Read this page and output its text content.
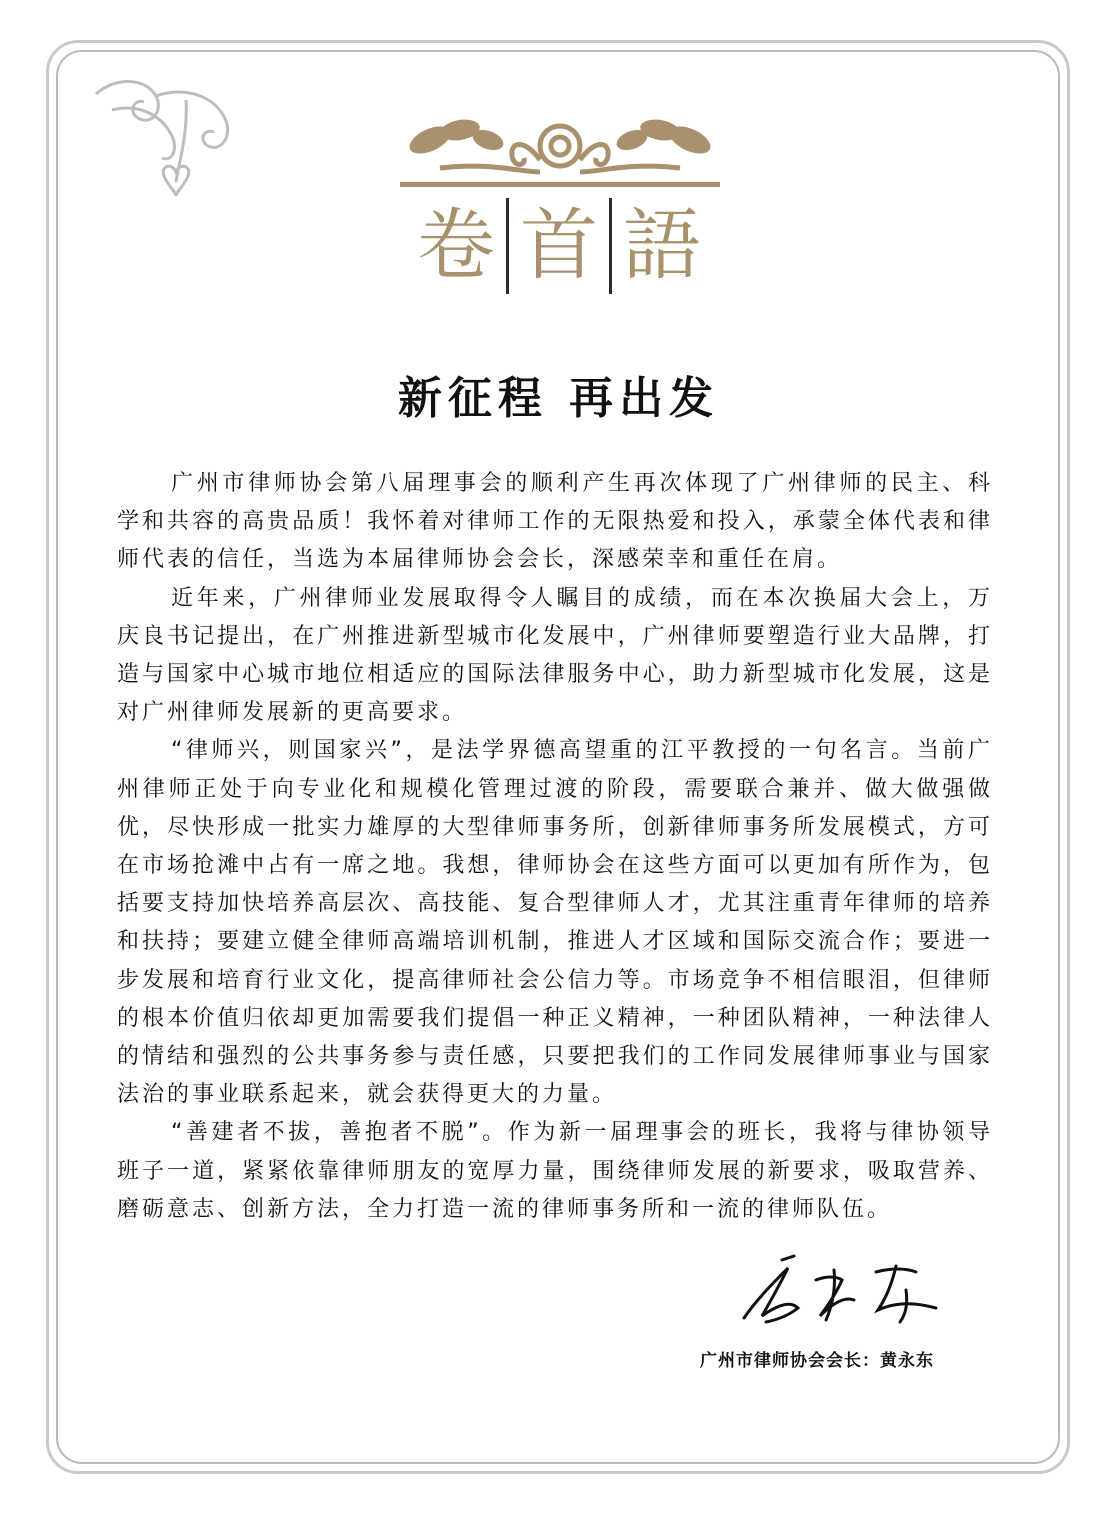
卷 首 語
新征程 再出发

广州市律师协会第八届理事会的顺利产生再次体现了广州律师的民主、科学和共容的高贵品质！我怀着对律师工作的无限热爱和投入，承蒙全体代表和律师代表的信任，当选为本届律师协会会长，深感荣幸和重任在肩。

近年来，广州律师业发展取得令人瞩目的成绩，而在本次换届大会上，万庆良书记提出，在广州推进新型城市化发展中，广州律师要塑造行业大品牌，打造与国家中心城市地位相适应的国际法律服务中心，助力新型城市化发展，这是对广州律师发展新的更高要求。

“律师兴，则国家兴”，是法学界德高望重的江平教授的一句名言。当前广州律师正处于向专业化和规模化管理过渡的阶段，需要联合兼并、做大做强做优，尽快形成一批实力雄厚的大型律师事务所，创新律师事务所发展模式，方可在市场抢滩中占有一席之地。我想，律师协会在这些方面可以更加有所作为，包括要支持加快培养高层次、高技能、复合型律师人才，尤其注重青年律师的培养和扶持；要建立健全律师高端培训机制，推进人才区域和国际交流合作；要进一步发展和培育行业文化，提高律师社会公信力等。市场竞争不相信眼泪，但律师的根本价值归依却更加需要我们提倡一种正义精神，一种团队精神，一种法律人的情结和强烈的公共事务参与责任感，只要把我们的工作同发展律师事业与国家法治的事业联系起来，就会获得更大的力量。

“善建者不拔，善抱者不脱”。作为新一届理事会的班长，我将与律协领导班子一道，紧紧依靠律师朋友的宽厚力量，围绕律师发展的新要求，吸取营养、磨砺意志、创新方法，全力打造一流的律师事务所和一流的律师队伍。

广州市律师协会会长：黄永东
